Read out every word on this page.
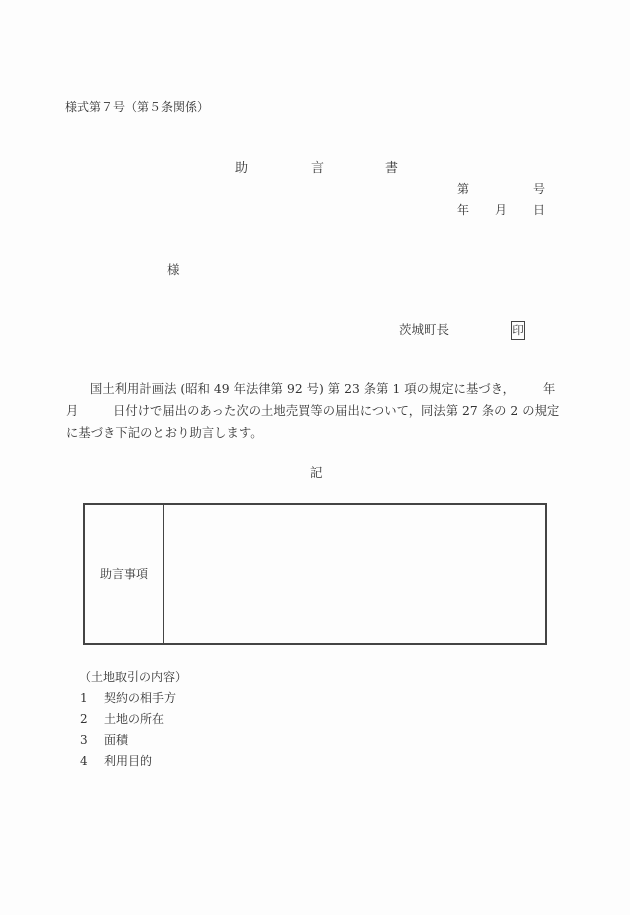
様式第７号（第５条関係）
助	言	書
第	号
年 月 日
様
茨城町長	印
国土利用計画法 (昭和 49 年法律第 92 号) 第 23 条第 1 項の規定に基づき， 年
月	日付けで届出のあった次の土地売買等の届出について，同法第 27 条の 2 の規定
に基づき下記のとおり助言します。
記
助言事項
（土地取引の内容）
1 契約の相手方
2 土地の所在
3 面積
4 利用目的
